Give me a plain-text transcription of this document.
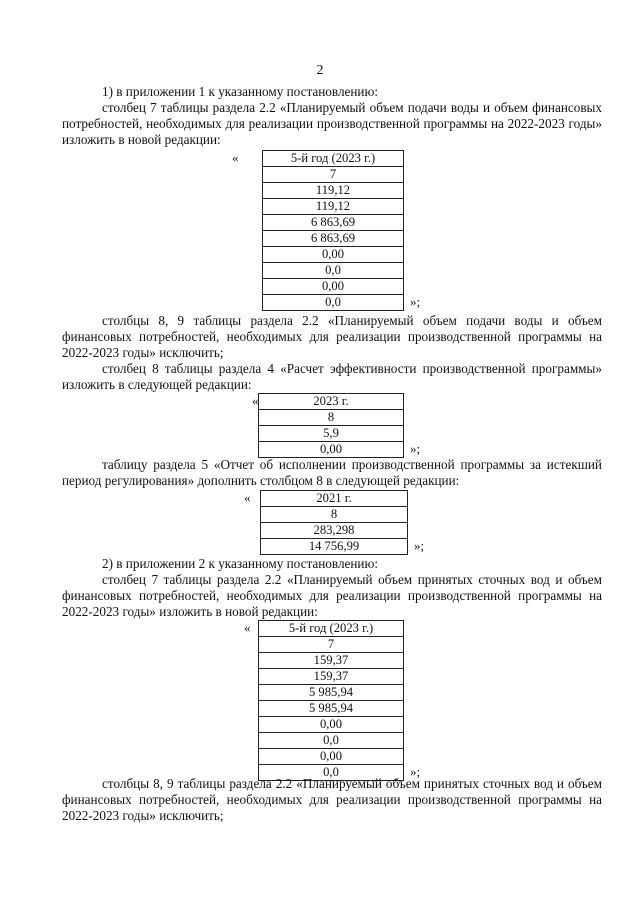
2
1) в приложении 1 к указанному постановлению:
столбец 7 таблицы раздела 2.2 «Планируемый объем подачи воды и объем финансовых потребностей, необходимых для реализации производственной программы на 2022-2023 годы» изложить в новой редакции:
«	5-й год (2023 г.)
7
119,12
119,12
6 863,69
6 863,69
0,00
0,0
0,00
0,0	»;
столбцы 8, 9 таблицы раздела 2.2 «Планируемый объем подачи воды и объем финансовых потребностей, необходимых для реализации производственной программы на 2022-2023 годы» исключить;
столбец 8 таблицы раздела 4 «Расчет эффективности производственной программы» изложить в следующей редакции:
«	2023 г.
8
5,9
0,00	»;
таблицу раздела 5 «Отчет об исполнении производственной программы за истекший период регулирования» дополнить столбцом 8 в следующей редакции:
«	2021 г.
8
283,298
14 756,99	»;
2) в приложении 2 к указанному постановлению:
столбец 7 таблицы раздела 2.2 «Планируемый объем принятых сточных вод и объем финансовых потребностей, необходимых для реализации производственной программы на 2022-2023 годы» изложить в новой редакции:
«	5-й год (2023 г.)
7
159,37
159,37
5 985,94
5 985,94
0,00
0,0
0,00
0,0	»;
столбцы 8, 9 таблицы раздела 2.2 «Планируемый объем принятых сточных вод и объем финансовых потребностей, необходимых для реализации производственной программы на 2022-2023 годы» исключить;
